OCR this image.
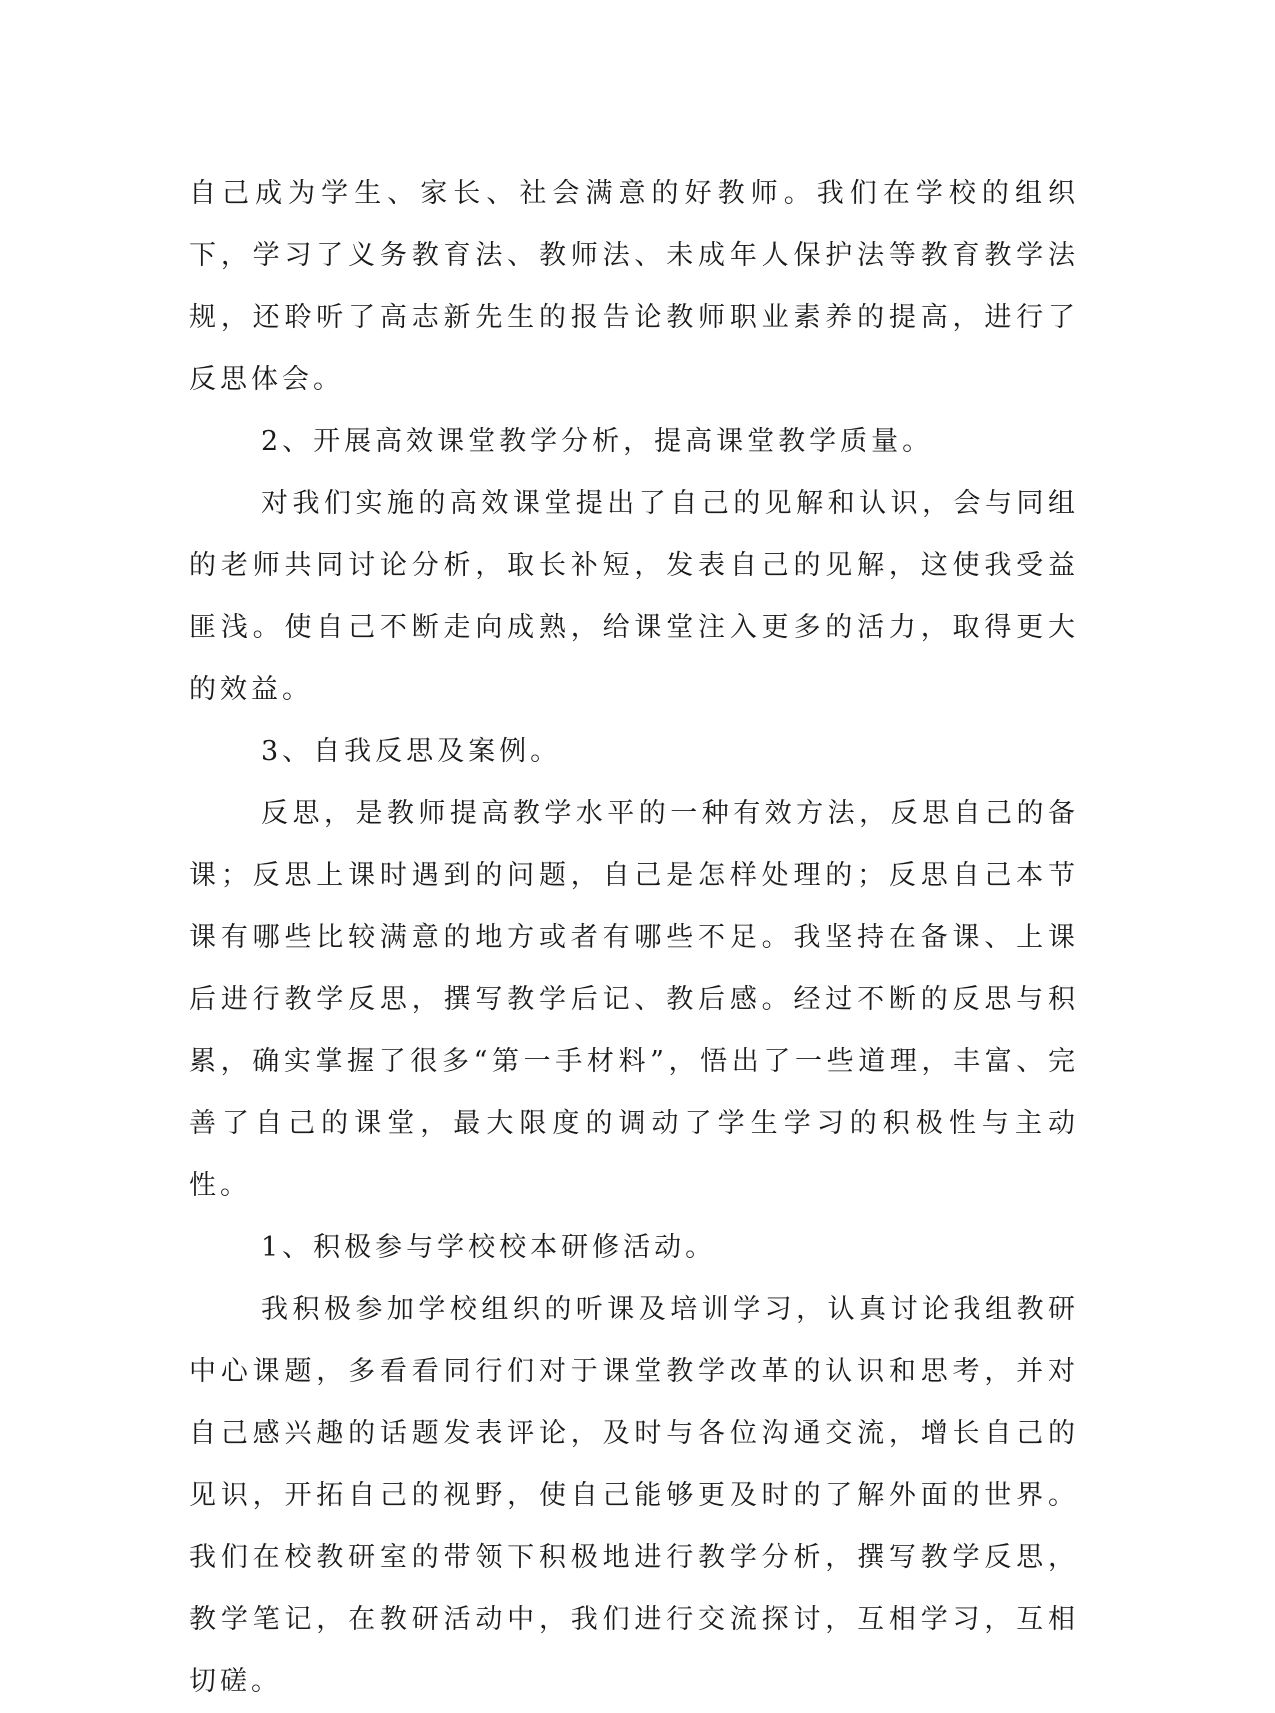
自己成为学生、家长、社会满意的好教师。我们在学校的组织下，学习了义务教育法、教师法、未成年人保护法等教育教学法规，还聆听了高志新先生的报告论教师职业素养的提高，进行了反思体会。

2、开展高效课堂教学分析，提高课堂教学质量。

对我们实施的高效课堂提出了自己的见解和认识，会与同组的老师共同讨论分析，取长补短，发表自己的见解，这使我受益匪浅。使自己不断走向成熟，给课堂注入更多的活力，取得更大的效益。

3、自我反思及案例。

反思，是教师提高教学水平的一种有效方法，反思自己的备课；反思上课时遇到的问题，自己是怎样处理的；反思自己本节课有哪些比较满意的地方或者有哪些不足。我坚持在备课、上课后进行教学反思，撰写教学后记、教后感。经过不断的反思与积累，确实掌握了很多“第一手材料”，悟出了一些道理，丰富、完善了自己的课堂，最大限度的调动了学生学习的积极性与主动性。

1、积极参与学校校本研修活动。

我积极参加学校组织的听课及培训学习，认真讨论我组教研中心课题，多看看同行们对于课堂教学改革的认识和思考，并对自己感兴趣的话题发表评论，及时与各位沟通交流，增长自己的见识，开拓自己的视野，使自己能够更及时的了解外面的世界。我们在校教研室的带领下积极地进行教学分析，撰写教学反思，教学笔记，在教研活动中，我们进行交流探讨，互相学习，互相切磋。
